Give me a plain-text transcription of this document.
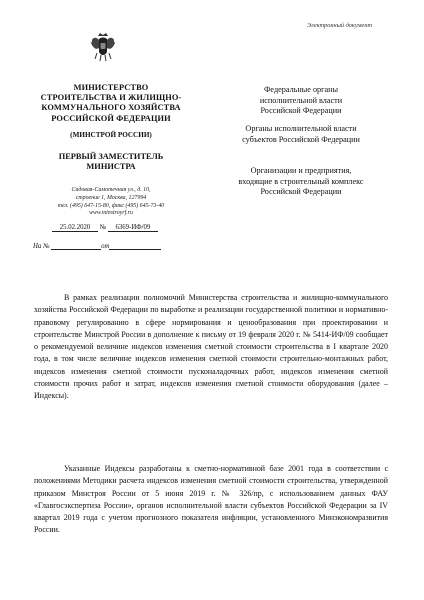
Электронный документ
МИНИСТЕРСТВО
СТРОИТЕЛЬСТВА И ЖИЛИЩНО-
КОММУНАЛЬНОГО ХОЗЯЙСТВА
РОССИЙСКОЙ ФЕДЕРАЦИИ
(МИНСТРОЙ РОССИИ)
ПЕРВЫЙ ЗАМЕСТИТЕЛЬ
МИНИСТРА
Садовая-Самотечная ул., д. 10,
строение 1, Москва, 127994
тел. (495) 647-15-80, факс (495) 645-73-40
www.minstroyrf.ru
25.02.2020 № 6369-ИФ/09
На №	от
Федеральные органы
исполнительной власти
Российской Федерации
Органы исполнительной власти
субъектов Российской Федерации
Организации и предприятия,
входящие в строительный комплекс
Российской Федерации

В рамках реализации полномочий Министерства строительства и жилищно-коммунального хозяйства Российской Федерации по выработке и реализации государственной политики и нормативно-правовому регулированию в сфере нормирования и ценообразования при проектировании и строительстве Минстрой России в дополнение к письму от 19 февраля 2020 г. № 5414-ИФ/09 сообщает о рекомендуемой величине индексов изменения сметной стоимости строительства в I квартале 2020 года, в том числе величине индексов изменения сметной стоимости строительно-монтажных работ, индексов изменения сметной стоимости пусконаладочных работ, индексов изменения сметной стоимости прочих работ и затрат, индексов изменения сметной стоимости оборудования (далее – Индексы).

Указанные Индексы разработаны к сметно-нормативной базе 2001 года в соответствии с положениями Методики расчета индексов изменения сметной стоимости строительства, утвержденной приказом Минстроя России от 5 июня 2019 г. № 326/пр, с использованием данных ФАУ «Главгосэкспертиза России», органов исполнительной власти субъектов Российской Федерации за IV квартал 2019 года с учетом прогнозного показателя инфляции, установленного Минэкономразвития России.
